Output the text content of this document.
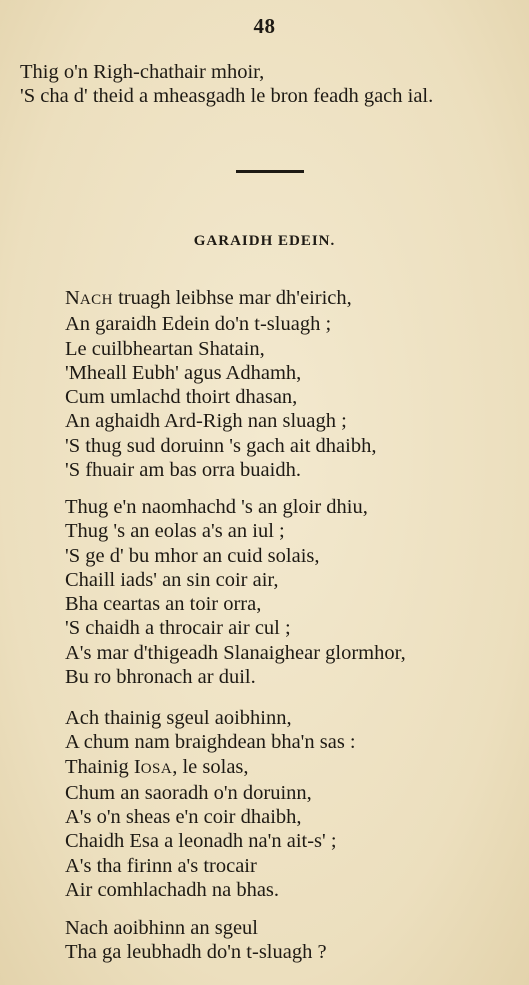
48
Thig o'n Righ-chathair mhoir,
'S cha d' theid a mheasgadh le bron feadh gach ial.
GARAIDH EDEIN.
NACH truagh leibhse mar dh'eirich,
An garaidh Edein do'n t-sluagh ;
Le cuilbheartan Shatain,
'Mheall Eubh' agus Adhamh,
Cum umlachd thoirt dhasan,
An aghaidh Ard-Righ nan sluagh ;
'S thug sud doruinn 's gach ait dhaibh,
'S fhuair am bas orra buaidh.
Thug e'n naomhachd 's an gloir dhiu,
Thug 's an eolas a's an iul ;
'S ge d' bu mhor an cuid solais,
Chaill iads' an sin coir air,
Bha ceartas an toir orra,
'S chaidh a throcair air cul ;
A's mar d'thigeadh Slanaighear glormhor,
Bu ro bhronach ar duil.
Ach thainig sgeul aoibhinn,
A chum nam braighdean bha'n sas :
Thainig IOSA, le solas,
Chum an saoradh o'n doruinn,
A's o'n sheas e'n coir dhaibh,
Chaidh Esa a leonadh na'n ait-s' ;
A's tha firinn a's trocair
Air comhlachadh na bhas.
Nach aoibhinn an sgeul
Tha ga leubhadh do'n t-sluagh ?
